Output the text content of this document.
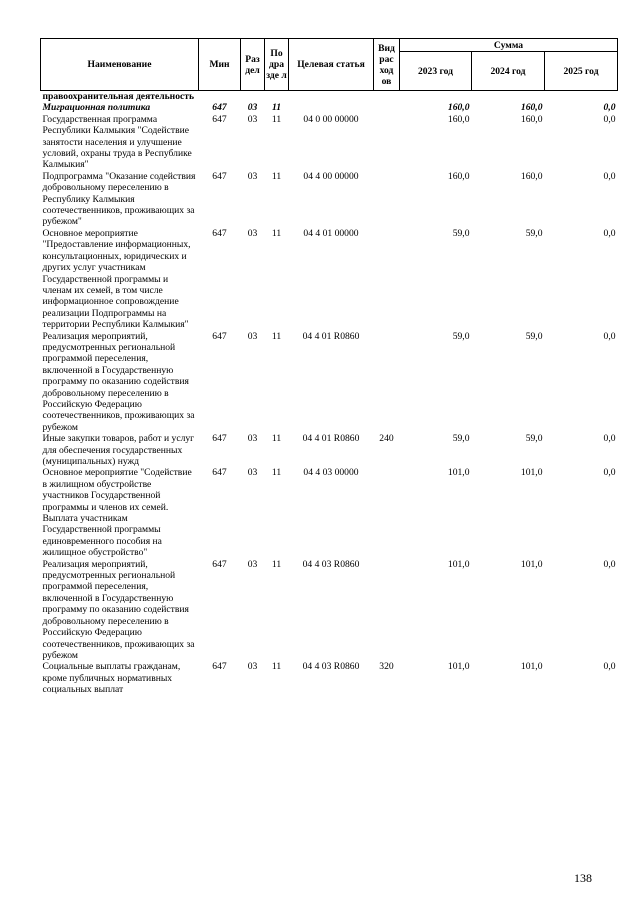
Наименование	Мин	Раз дел	По дра зде л	Целевая статья	Вид рас ход ов	Сумма		
						2023 год	2024 год	2025 год
правоохранительная деятельность								
Миграционная политика	647	03	11			160,0	160,0	0,0
Государственная программа Республики Калмыкия "Содействие занятости населения и улучшение условий, охраны труда в Республике Калмыкия"	647	03	11	04 0 00 00000		160,0	160,0	0,0
Подпрограмма "Оказание содействия добровольному переселению в Республику Калмыкия соотечественников, проживающих за рубежом"	647	03	11	04 4 00 00000		160,0	160,0	0,0
Основное мероприятие "Предоставление информационных, консультационных, юридических и других услуг участникам Государственной программы и членам их семей, в том числе информационное сопровождение реализации Подпрограммы на территории Республики Калмыкия"	647	03	11	04 4 01 00000		59,0	59,0	0,0
Реализация мероприятий, предусмотренных региональной программой переселения, включенной в Государственную программу по оказанию содействия добровольному переселению в Российскую Федерацию соотечественников, проживающих за рубежом	647	03	11	04 4 01 R0860		59,0	59,0	0,0
Иные закупки товаров, работ и услуг для обеспечения государственных (муниципальных) нужд	647	03	11	04 4 01 R0860	240	59,0	59,0	0,0
Основное мероприятие "Содействие в жилищном обустройстве участников Государственной программы и членов их семей. Выплата участникам Государственной программы единовременного пособия на жилищное обустройство"	647	03	11	04 4 03 00000		101,0	101,0	0,0
Реализация мероприятий, предусмотренных региональной программой переселения, включенной в Государственную программу по оказанию содействия добровольному переселению в Российскую Федерацию соотечественников, проживающих за рубежом	647	03	11	04 4 03 R0860		101,0	101,0	0,0
Социальные выплаты гражданам, кроме публичных нормативных социальных выплат	647	03	11	04 4 03 R0860	320	101,0	101,0	0,0
138
